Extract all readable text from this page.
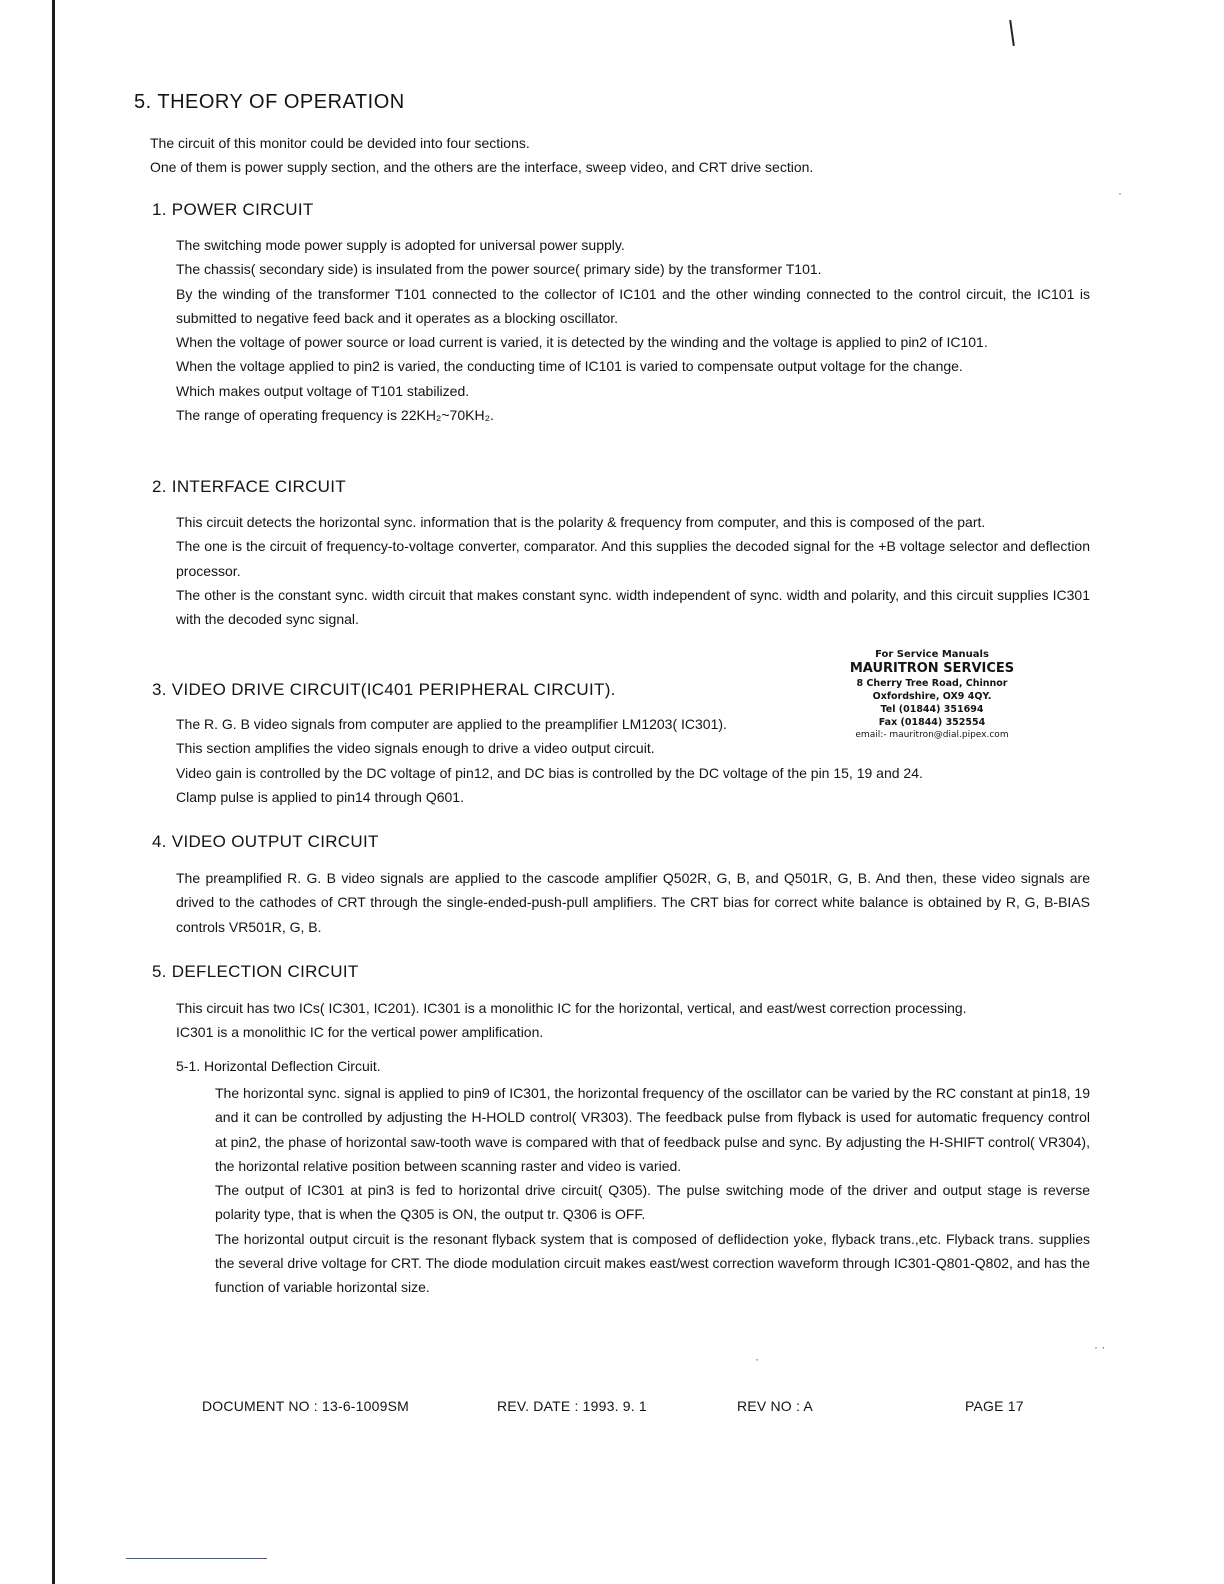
·
· ·
·
5. THEORY OF OPERATION

The circuit of this monitor could be devided into four sections.

One of them is power supply section, and the others are the interface, sweep video, and CRT drive section.

1. POWER CIRCUIT

The switching mode power supply is adopted for universal power supply.

The chassis( secondary side) is insulated from the power source( primary side) by the transformer T101.

By the winding of the transformer T101 connected to the collector of IC101 and the other winding connected to the control circuit, the IC101 is submitted to negative feed back and it operates as a blocking oscillator.

When the voltage of power source or load current is varied, it is detected by the winding and the voltage is applied to pin2 of IC101.

When the voltage applied to pin2 is varied, the conducting time of IC101 is varied to compensate output voltage for the change.

Which makes output voltage of T101 stabilized.

The range of operating frequency is 22KH₂~70KH₂.

2. INTERFACE CIRCUIT

This circuit detects the horizontal sync. information that is the polarity & frequency from computer, and this is composed of the part.

The one is the circuit of frequency-to-voltage converter, comparator. And this supplies the decoded signal for the +B voltage selector and deflection processor.

The other is the constant sync. width circuit that makes constant sync. width independent of sync. width and polarity, and this circuit supplies IC301 with the decoded sync signal.

For Service Manuals
MAURITRON SERVICES
8 Cherry Tree Road, Chinnor
Oxfordshire, OX9 4QY.
Tel (01844) 351694
Fax (01844) 352554
email:- mauritron@dial.pipex.com
3. VIDEO DRIVE CIRCUIT(IC401 PERIPHERAL CIRCUIT).

The R. G. B video signals from computer are applied to the preamplifier LM1203( IC301).

This section amplifies the video signals enough to drive a video output circuit.

Video gain is controlled by the DC voltage of pin12, and DC bias is controlled by the DC voltage of the pin 15, 19 and 24.

Clamp pulse is applied to pin14 through Q601.

4. VIDEO OUTPUT CIRCUIT

The preamplified R. G. B video signals are applied to the cascode amplifier Q502R, G, B, and Q501R, G, B. And then, these video signals are drived to the cathodes of CRT through the single-ended-push-pull amplifiers. The CRT bias for correct white balance is obtained by R, G, B-BIAS controls VR501R, G, B.

5. DEFLECTION CIRCUIT

This circuit has two ICs( IC301, IC201). IC301 is a monolithic IC for the horizontal, vertical, and east/west correction processing.

IC301 is a monolithic IC for the vertical power amplification.

5-1. Horizontal Deflection Circuit.

The horizontal sync. signal is applied to pin9 of IC301, the horizontal frequency of the oscillator can be varied by the RC constant at pin18, 19 and it can be controlled by adjusting the H-HOLD control( VR303). The feedback pulse from flyback is used for automatic frequency control at pin2, the phase of horizontal saw-tooth wave is compared with that of feedback pulse and sync. By adjusting the H-SHIFT control( VR304), the horizontal relative position between scanning raster and video is varied.

The output of IC301 at pin3 is fed to horizontal drive circuit( Q305). The pulse switching mode of the driver and output stage is reverse polarity type, that is when the Q305 is ON, the output tr. Q306 is OFF.

The horizontal output circuit is the resonant flyback system that is composed of deflidection yoke, flyback trans.,etc. Flyback trans. supplies the several drive voltage for CRT. The diode modulation circuit makes east/west correction waveform through IC301-Q801-Q802, and has the function of variable horizontal size.

DOCUMENT NO : 13-6-1009SM	REV. DATE : 1993. 9. 1	REV NO : A	PAGE 17
